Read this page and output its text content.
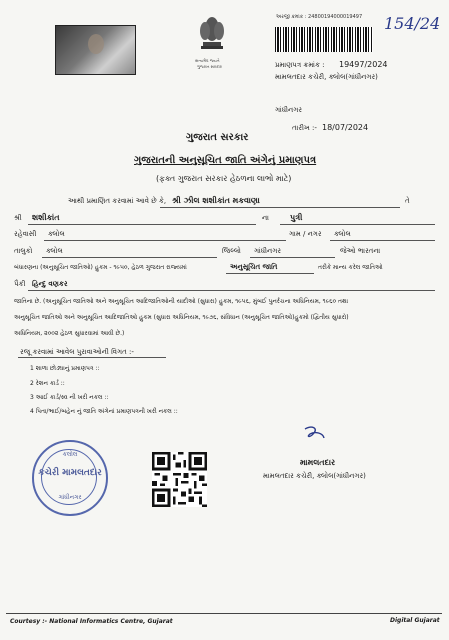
સત્યમેવ જયતે
ગુજરાત સરકાર
અરજી ક્રમાંક : 24800194000019497 154/24
પ્રમાણપત્ર ક્રમાંક : 19497/2024
મામલતદાર કચેરી, ક્લોલ(ગાંધીનગર)
ગાંધીનગર
તારીખ :- 18/07/2024
ગુજરાત સરકાર
ગુજરાતની અનુસૂચિત જાતિ અંગેનું પ્રમાણપત્ર
(ફક્ત ગુજરાત સરકાર હેઠળના લાભો માટે)
આથી પ્રમાણિત કરવામાં આવે છે કે, શ્રી ઝીલ શશીકાંત મકવાણા	તે
શ્રી શશીકાંત	ના	પુત્રી
રહેવાસી ક્લોલ	ગામ / નગર ક્લોલ
તાલુકો ક્લોલ	જિલ્લો ગાંધીનગર	જેઓ ભારતના
બંધારણના (અનુસૂચિત જાતિઓ) હુકમ - ૧૯૫૦, હેઠળ ગુજરાત રાજ્યમાં	અનુસૂચિત જાતિ	તરીકે માન્ય કરેલ જાતિઓ
પૈકી હિન્દુ વણકર
જાતિના છે. (અનુસૂચિત જાતિઓ અને અનુસૂચિત આદિજાતિઓની યાદીઓ (સુધારા) હુકમ, ૧૯૫૬, મુંબઈ પુનર્રચના અધિનિયમ, ૧૯૬૦ તથા
અનુસૂચિત જાતિઓ અને અનુસૂચિત આદિજાતિઓ હુકમ (સુધારા અધિનિયમ, ૧૯૭૬, સંવિધાન (અનુસૂચિત જાતિઓ)હુકમો (દ્વિતીય સુધારો)
અધિનિયમ, ૨૦૦૨ હેઠળ સુધારવામાં આવી છે.)
રજૂ કરવામાં આવેલ પુરાવાઓની વિગત :-
1 શાળા છોડ્યાનું પ્રમાણપત્ર ::
2 રેશન કાર્ડ ::
3 આઈ કાર્ડ/સ્વ ની ખરી નકલ ::
4 પિતા/ભાઈ/બહેન નું જાતિ અંગેનાં પ્રમાણપત્રની ખરી નકલ ::
કલોલ
કચેરી મામલતદાર
ગાંધીનગર
મામલતદાર
મામલતદાર કચેરી, ક્લોલ(ગાંધીનગર)
Courtesy :- National Informatics Centre, Gujarat	Digital Gujarat
